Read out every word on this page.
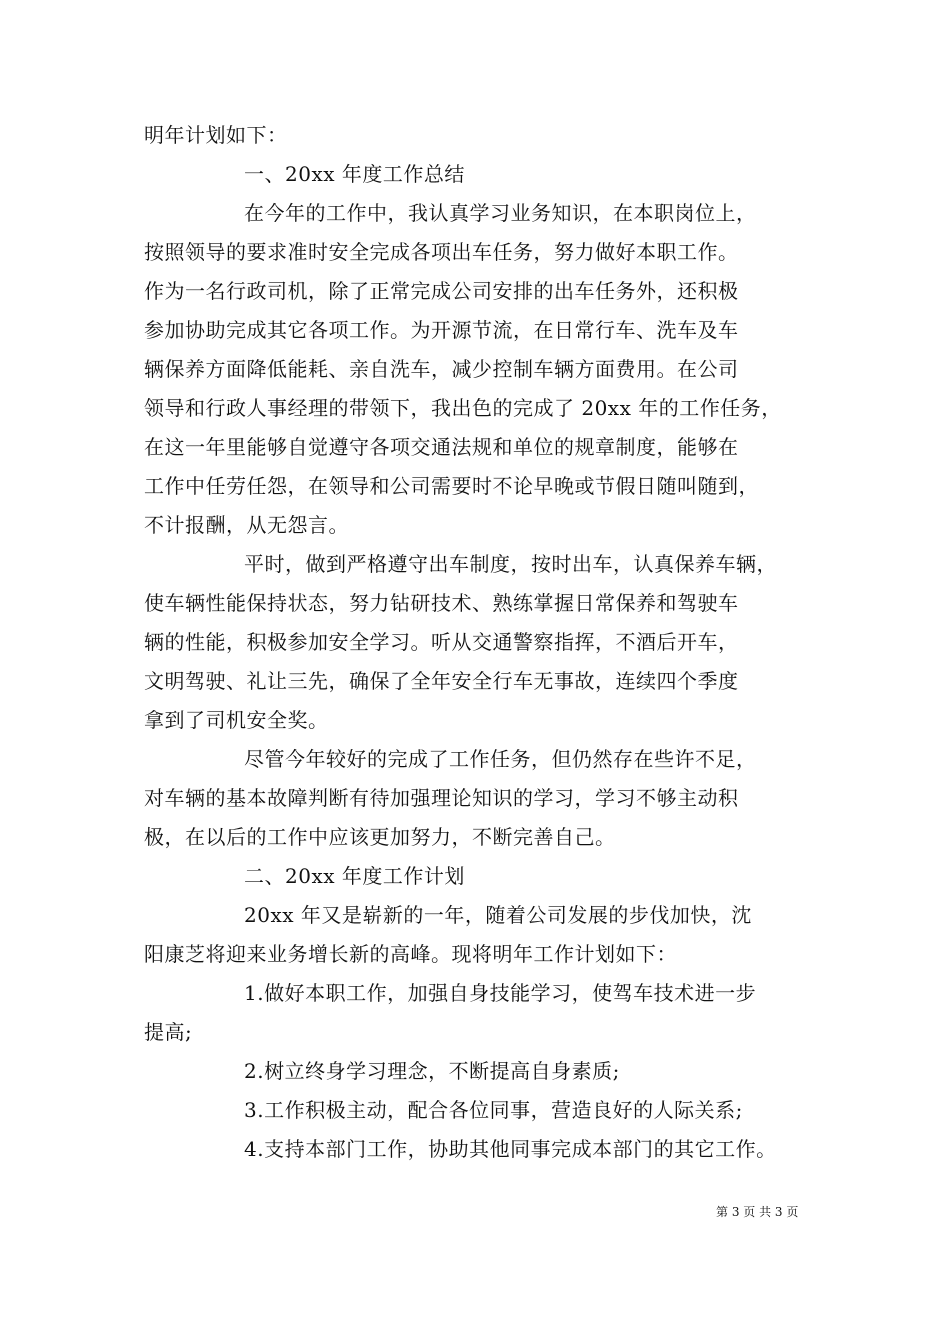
明年计划如下：
一、20xx 年度工作总结
在今年的工作中，我认真学习业务知识，在本职岗位上，
按照领导的要求准时安全完成各项出车任务，努力做好本职工作。
作为一名行政司机，除了正常完成公司安排的出车任务外，还积极
参加协助完成其它各项工作。为开源节流，在日常行车、洗车及车
辆保养方面降低能耗、亲自洗车，减少控制车辆方面费用。在公司
领导和行政人事经理的带领下，我出色的完成了 20xx 年的工作任务，
在这一年里能够自觉遵守各项交通法规和单位的规章制度，能够在
工作中任劳任怨，在领导和公司需要时不论早晚或节假日随叫随到，
不计报酬，从无怨言。
平时，做到严格遵守出车制度，按时出车，认真保养车辆，
使车辆性能保持状态，努力钻研技术、熟练掌握日常保养和驾驶车
辆的性能，积极参加安全学习。听从交通警察指挥，不酒后开车，
文明驾驶、礼让三先，确保了全年安全行车无事故，连续四个季度
拿到了司机安全奖。
尽管今年较好的完成了工作任务，但仍然存在些许不足，
对车辆的基本故障判断有待加强理论知识的学习，学习不够主动积
极，在以后的工作中应该更加努力，不断完善自己。
二、20xx 年度工作计划
20xx 年又是崭新的一年，随着公司发展的步伐加快，沈
阳康芝将迎来业务增长新的高峰。现将明年工作计划如下：
1.做好本职工作，加强自身技能学习，使驾车技术进一步
提高;
2.树立终身学习理念，不断提高自身素质;
3.工作积极主动，配合各位同事，营造良好的人际关系;
4.支持本部门工作，协助其他同事完成本部门的其它工作。
第 3 页 共 3 页
